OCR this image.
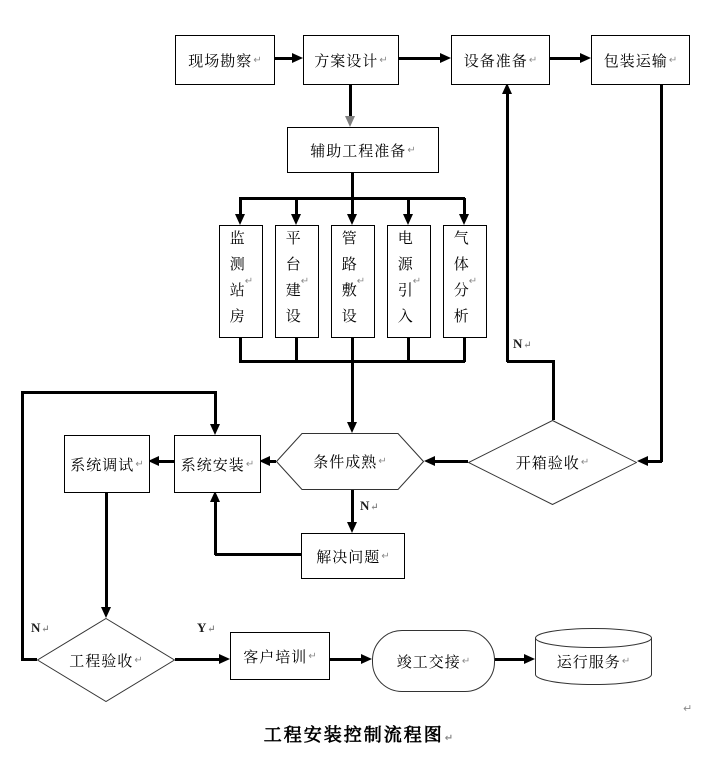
现场勘察 ↵	方案设计 ↵	设备准备 ↵	包装运输 ↵
辅助工程准备 ↵
监测站房 ↵ 平台建设 ↵ 管路敷设 ↵ 电源引入 ↵ 气体分析 ↵
系统调试 ↵ 系统安装 ↵	条件成熟 ↵	开箱验收 ↵
解决问题 ↵
工程验收 ↵	客户培训 ↵	竣工交接 ↵	运行服务 ↵
N↵
N↵
N↵	Y↵
↵
工程安装控制流程图↵
